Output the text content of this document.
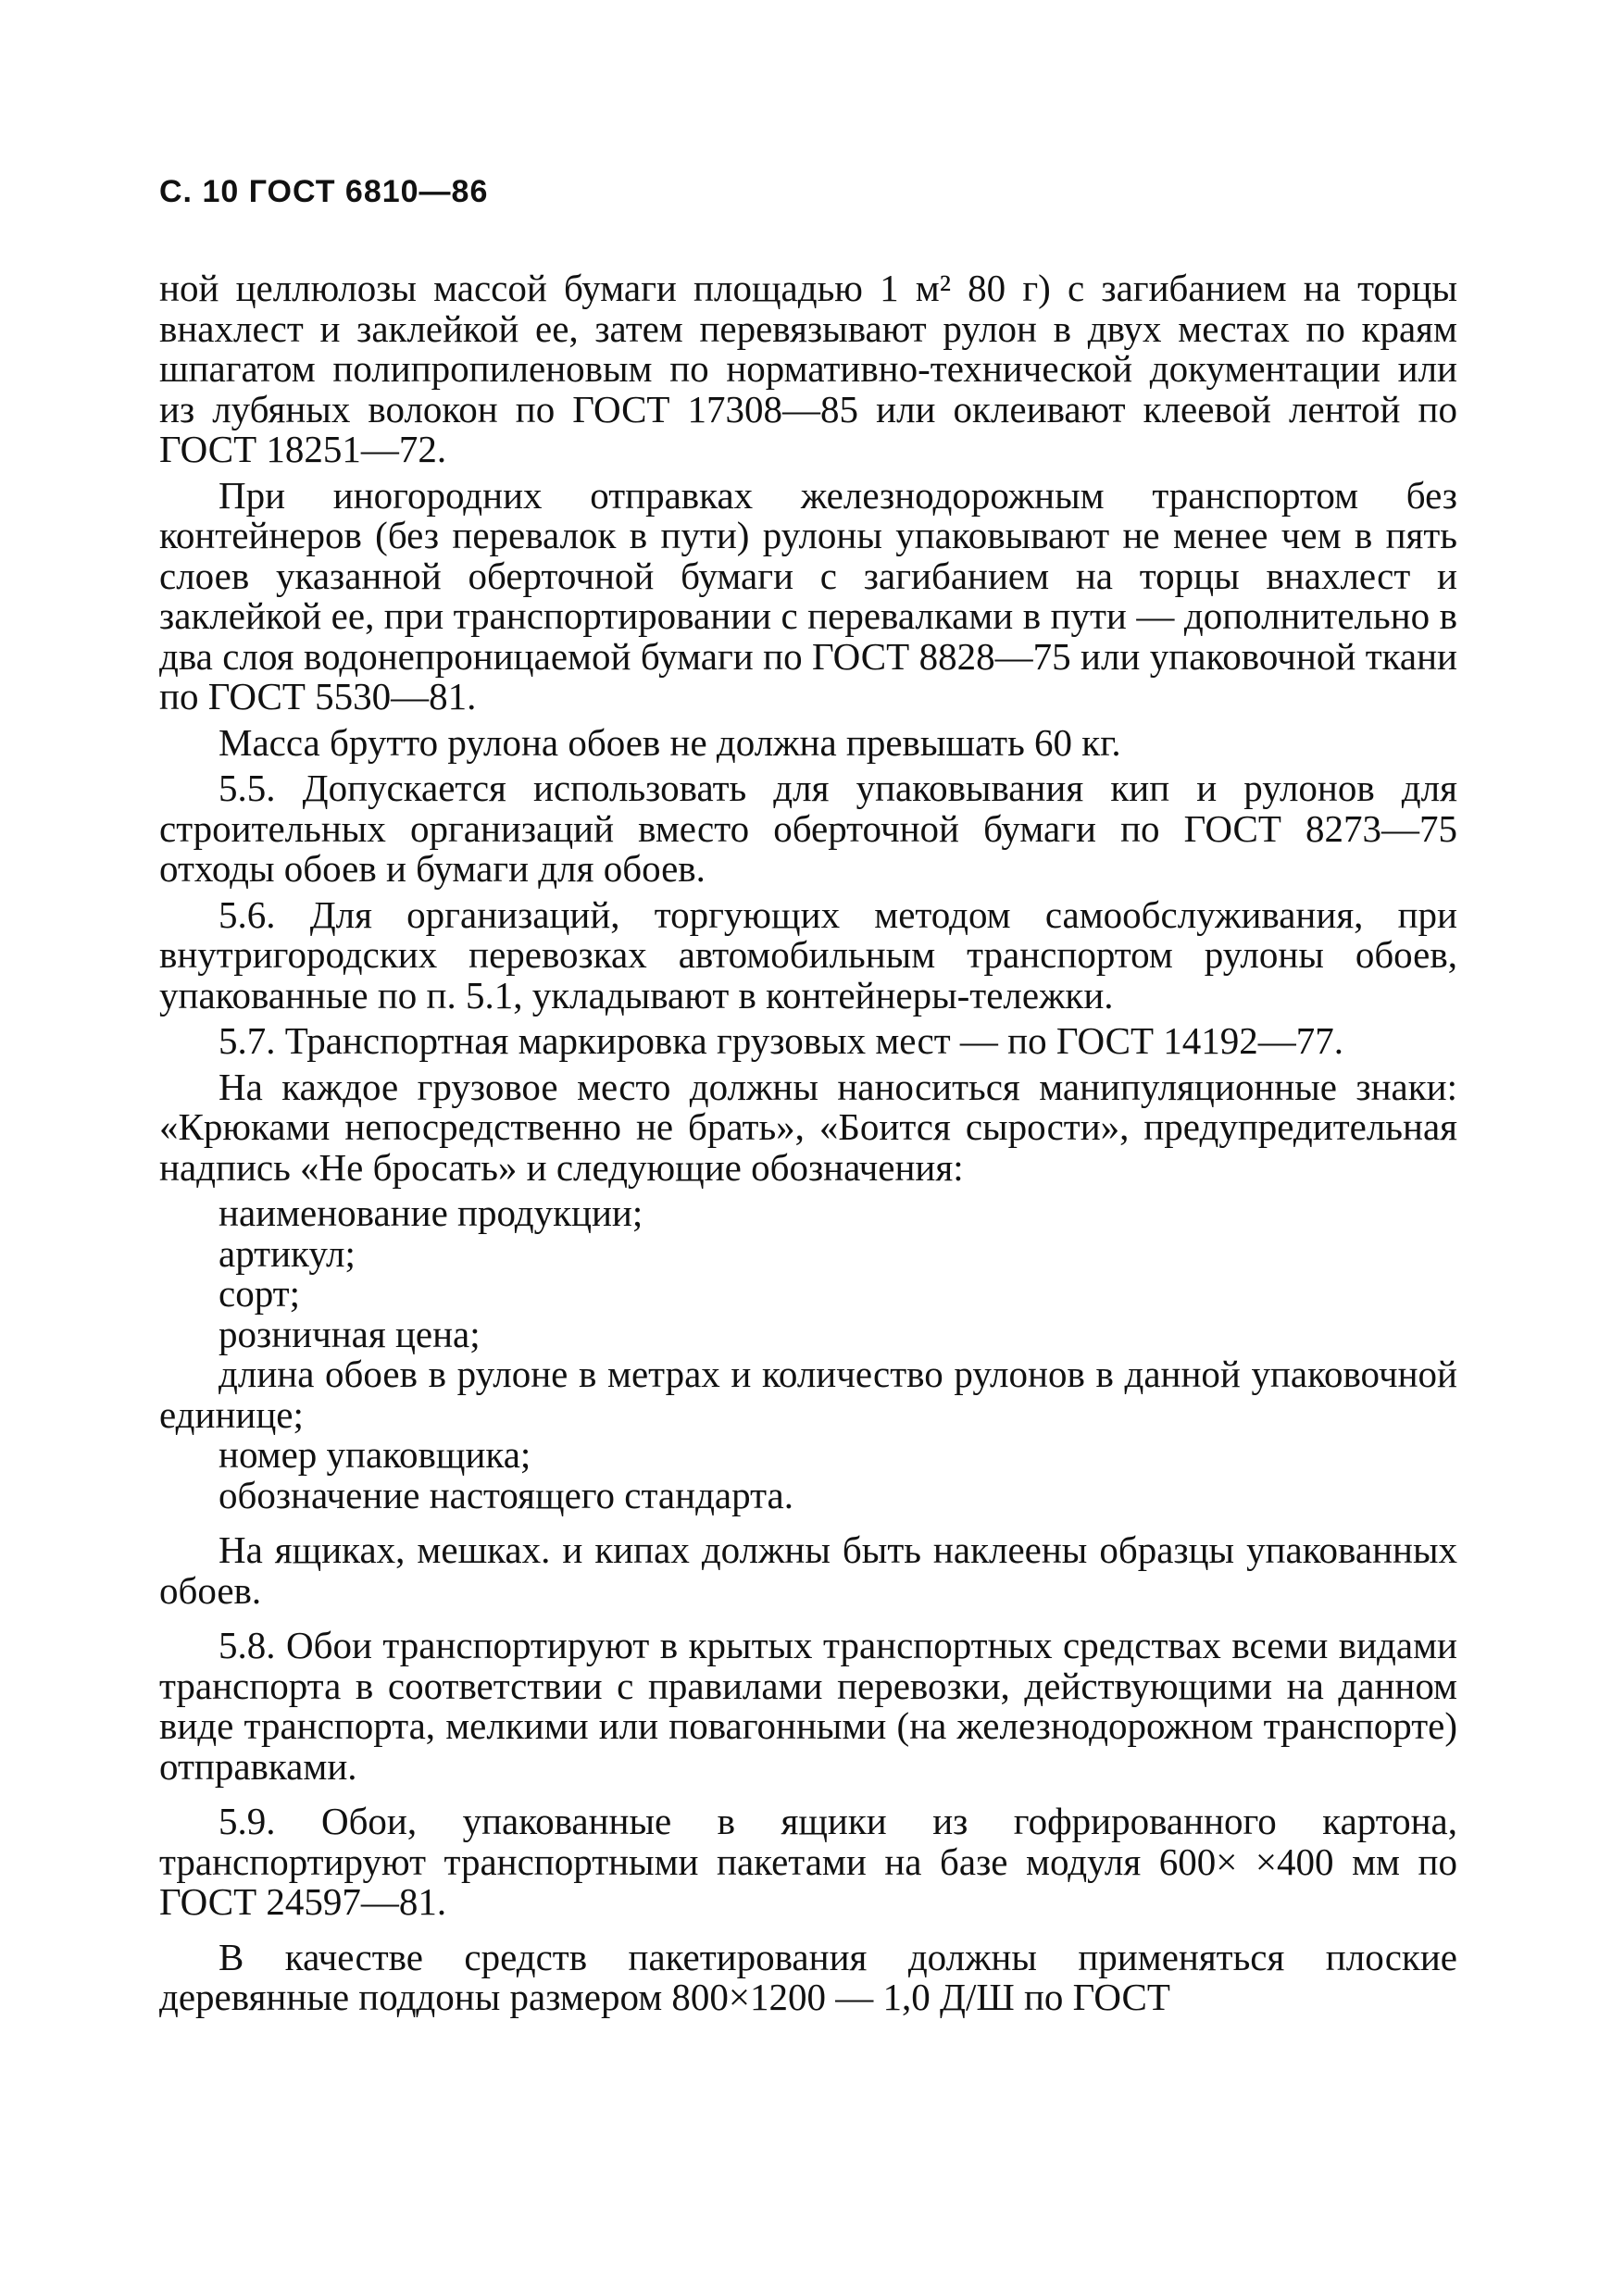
С. 10 ГОСТ 6810—86

ной целлюлозы массой бумаги площадью 1 м² 80 г) с загибанием на торцы внахлест и заклейкой ее, затем перевязывают рулон в двух местах по краям шпагатом полипропиленовым по нормативно-технической документации или из лубяных волокон по ГОСТ 17308—85 или оклеивают клеевой лентой по ГОСТ 18251—72.

При иногородних отправках железнодорожным транспортом без контейнеров (без перевалок в пути) рулоны упаковывают не менее чем в пять слоев указанной оберточной бумаги с загибанием на торцы внахлест и заклейкой ее, при транспортировании с перевалками в пути — дополнительно в два слоя водонепроницаемой бумаги по ГОСТ 8828—75 или упаковочной ткани по ГОСТ 5530—81.

Масса брутто рулона обоев не должна превышать 60 кг.

5.5. Допускается использовать для упаковывания кип и рулонов для строительных организаций вместо оберточной бумаги по ГОСТ 8273—75 отходы обоев и бумаги для обоев.

5.6. Для организаций, торгующих методом самообслуживания, при внутригородских перевозках автомобильным транспортом рулоны обоев, упакованные по п. 5.1, укладывают в контейнеры-тележки.

5.7. Транспортная маркировка грузовых мест — по ГОСТ 14192—77.

На каждое грузовое место должны наноситься манипуляционные знаки: «Крюками непосредственно не брать», «Боится сырости», предупредительная надпись «Не бросать» и следующие обозначения:

наименование продукции;

артикул;

сорт;

розничная цена;

длина обоев в рулоне в метрах и количество рулонов в данной упаковочной единице;

номер упаковщика;

обозначение настоящего стандарта.

На ящиках, мешках. и кипах должны быть наклеены образцы упакованных обоев.

5.8. Обои транспортируют в крытых транспортных средствах всеми видами транспорта в соответствии с правилами перевозки, действующими на данном виде транспорта, мелкими или повагонными (на железнодорожном транспорте) отправками.

5.9. Обои, упакованные в ящики из гофрированного картона, транспортируют транспортными пакетами на базе модуля 600× ×400 мм по ГОСТ 24597—81.

В качестве средств пакетирования должны применяться плоские деревянные поддоны размером 800×1200 — 1,0 Д/Ш по ГОСТ
